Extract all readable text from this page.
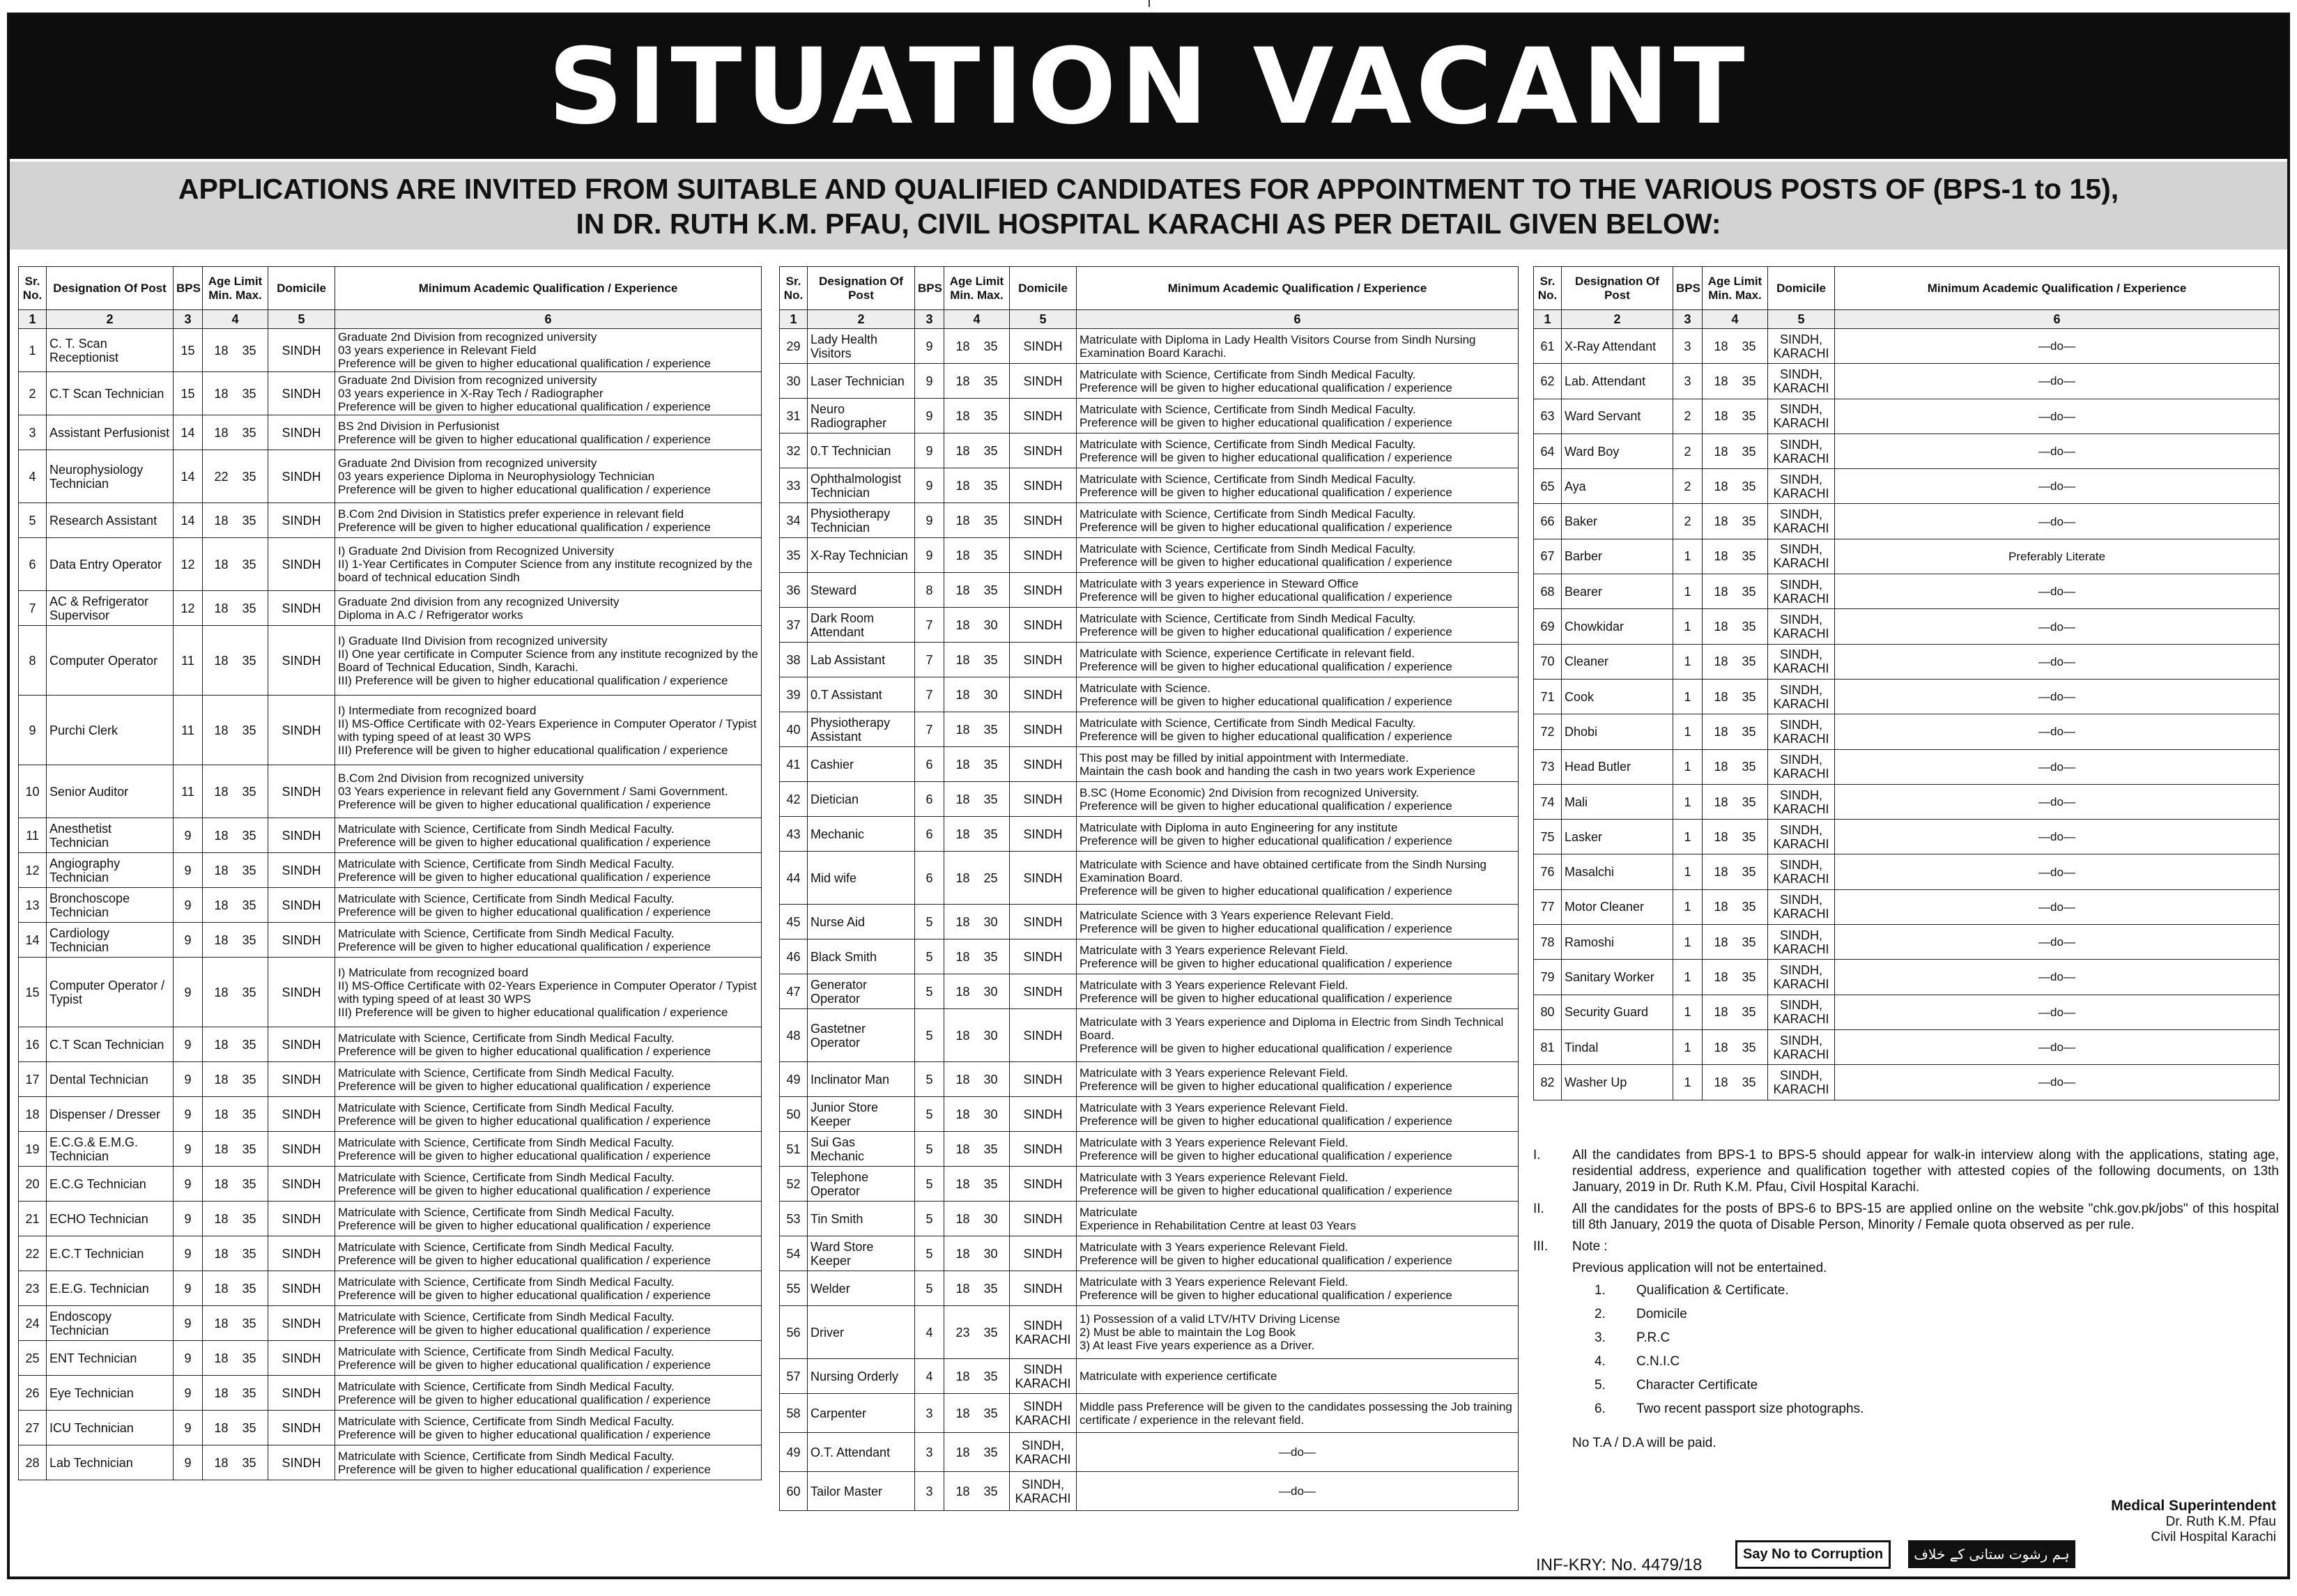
SITUATION VACANT
APPLICATIONS ARE INVITED FROM SUITABLE AND QUALIFIED CANDIDATES FOR APPOINTMENT TO THE VARIOUS POSTS OF (BPS-1 to 15),
IN DR. RUTH K.M. PFAU, CIVIL HOSPITAL KARACHI AS PER DETAIL GIVEN BELOW:
Sr. No.	Designation Of Post	BPS	Age Limit
Min. Max.	Domicile	Minimum Academic Qualification / Experience
1	2	3	4	5	6
1	C. T. Scan Receptionist	15	18    35	SINDH	Graduate 2nd Division from recognized university
03 years experience in Relevant Field
Preference will be given to higher educational qualification / experience
2	C.T Scan Technician	15	18    35	SINDH	Graduate 2nd Division from recognized university
03 years experience in X-Ray Tech / Radiographer
Preference will be given to higher educational qualification / experience
3	Assistant Perfusionist	14	18    35	SINDH	BS 2nd Division in Perfusionist
Preference will be given to higher educational qualification / experience
4	Neurophysiology Technician	14	22    35	SINDH	Graduate 2nd Division from recognized university
03 years experience Diploma in Neurophysiology Technician
Preference will be given to higher educational qualification / experience
5	Research Assistant	14	18    35	SINDH	B.Com 2nd Division in Statistics prefer experience in relevant field
Preference will be given to higher educational qualification / experience
6	Data Entry Operator	12	18    35	SINDH	I) Graduate 2nd Division from Recognized University
II) 1-Year Certificates in Computer Science from any institute recognized by the board of technical education Sindh
7	AC & Refrigerator Supervisor	12	18    35	SINDH	Graduate 2nd division from any recognized University
Diploma in A.C / Refrigerator works
8	Computer Operator	11	18    35	SINDH	I) Graduate IInd Division from recognized university
II) One year certificate in Computer Science from any institute recognized by the Board of Technical Education, Sindh, Karachi.
III) Preference will be given to higher educational qualification / experience
9	Purchi Clerk	11	18    35	SINDH	I) Intermediate from recognized board
II) MS-Office Certificate with 02-Years Experience in Computer Operator / Typist with typing speed of at least 30 WPS
III) Preference will be given to higher educational qualification / experience
10	Senior Auditor	11	18    35	SINDH	B.Com 2nd Division from recognized university
03 Years experience in relevant field any Government / Sami Government.
Preference will be given to higher educational qualification / experience
11	Anesthetist Technician	9	18    35	SINDH	Matriculate with Science, Certificate from Sindh Medical Faculty.
Preference will be given to higher educational qualification / experience
12	Angiography Technician	9	18    35	SINDH	Matriculate with Science, Certificate from Sindh Medical Faculty.
Preference will be given to higher educational qualification / experience
13	Bronchoscope Technician	9	18    35	SINDH	Matriculate with Science, Certificate from Sindh Medical Faculty.
Preference will be given to higher educational qualification / experience
14	Cardiology Technician	9	18    35	SINDH	Matriculate with Science, Certificate from Sindh Medical Faculty.
Preference will be given to higher educational qualification / experience
15	Computer Operator / Typist	9	18    35	SINDH	I) Matriculate from recognized board
II) MS-Office Certificate with 02-Years Experience in Computer Operator / Typist with typing speed of at least 30 WPS
III) Preference will be given to higher educational qualification / experience
16	C.T Scan Technician	9	18    35	SINDH	Matriculate with Science, Certificate from Sindh Medical Faculty.
Preference will be given to higher educational qualification / experience
17	Dental Technician	9	18    35	SINDH	Matriculate with Science, Certificate from Sindh Medical Faculty.
Preference will be given to higher educational qualification / experience
18	Dispenser / Dresser	9	18    35	SINDH	Matriculate with Science, Certificate from Sindh Medical Faculty.
Preference will be given to higher educational qualification / experience
19	E.C.G.& E.M.G. Technician	9	18    35	SINDH	Matriculate with Science, Certificate from Sindh Medical Faculty.
Preference will be given to higher educational qualification / experience
20	E.C.G Technician	9	18    35	SINDH	Matriculate with Science, Certificate from Sindh Medical Faculty.
Preference will be given to higher educational qualification / experience
21	ECHO Technician	9	18    35	SINDH	Matriculate with Science, Certificate from Sindh Medical Faculty.
Preference will be given to higher educational qualification / experience
22	E.C.T Technician	9	18    35	SINDH	Matriculate with Science, Certificate from Sindh Medical Faculty.
Preference will be given to higher educational qualification / experience
23	E.E.G. Technician	9	18    35	SINDH	Matriculate with Science, Certificate from Sindh Medical Faculty.
Preference will be given to higher educational qualification / experience
24	Endoscopy Technician	9	18    35	SINDH	Matriculate with Science, Certificate from Sindh Medical Faculty.
Preference will be given to higher educational qualification / experience
25	ENT Technician	9	18    35	SINDH	Matriculate with Science, Certificate from Sindh Medical Faculty.
Preference will be given to higher educational qualification / experience
26	Eye Technician	9	18    35	SINDH	Matriculate with Science, Certificate from Sindh Medical Faculty.
Preference will be given to higher educational qualification / experience
27	ICU Technician	9	18    35	SINDH	Matriculate with Science, Certificate from Sindh Medical Faculty.
Preference will be given to higher educational qualification / experience
28	Lab Technician	9	18    35	SINDH	Matriculate with Science, Certificate from Sindh Medical Faculty.
Preference will be given to higher educational qualification / experience
Sr. No.	Designation Of Post	BPS	Age Limit
Min. Max.	Domicile	Minimum Academic Qualification / Experience
1	2	3	4	5	6
29	Lady Health Visitors	9	18    35	SINDH	Matriculate with Diploma in Lady Health Visitors Course from Sindh Nursing Examination Board Karachi.
30	Laser Technician	9	18    35	SINDH	Matriculate with Science, Certificate from Sindh Medical Faculty.
Preference will be given to higher educational qualification / experience
31	Neuro Radiographer	9	18    35	SINDH	Matriculate with Science, Certificate from Sindh Medical Faculty.
Preference will be given to higher educational qualification / experience
32	0.T Technician	9	18    35	SINDH	Matriculate with Science, Certificate from Sindh Medical Faculty.
Preference will be given to higher educational qualification / experience
33	Ophthalmologist Technician	9	18    35	SINDH	Matriculate with Science, Certificate from Sindh Medical Faculty.
Preference will be given to higher educational qualification / experience
34	Physiotherapy Technician	9	18    35	SINDH	Matriculate with Science, Certificate from Sindh Medical Faculty.
Preference will be given to higher educational qualification / experience
35	X-Ray Technician	9	18    35	SINDH	Matriculate with Science, Certificate from Sindh Medical Faculty.
Preference will be given to higher educational qualification / experience
36	Steward	8	18    35	SINDH	Matriculate with 3 years experience in Steward Office
Preference will be given to higher educational qualification / experience
37	Dark Room Attendant	7	18    30	SINDH	Matriculate with Science, Certificate from Sindh Medical Faculty.
Preference will be given to higher educational qualification / experience
38	Lab Assistant	7	18    35	SINDH	Matriculate with Science, experience Certificate in relevant field.
Preference will be given to higher educational qualification / experience
39	0.T Assistant	7	18    30	SINDH	Matriculate with Science.
Preference will be given to higher educational qualification / experience
40	Physiotherapy Assistant	7	18    35	SINDH	Matriculate with Science, Certificate from Sindh Medical Faculty.
Preference will be given to higher educational qualification / experience
41	Cashier	6	18    35	SINDH	This post may be filled by initial appointment with Intermediate.
Maintain the cash book and handing the cash in two years work Experience
42	Dietician	6	18    35	SINDH	B.SC (Home Economic) 2nd Division from recognized University.
Preference will be given to higher educational qualification / experience
43	Mechanic	6	18    35	SINDH	Matriculate with Diploma in auto Engineering for any institute
Preference will be given to higher educational qualification / experience
44	Mid wife	6	18    25	SINDH	Matriculate with Science and have obtained certificate from the Sindh Nursing Examination Board.
Preference will be given to higher educational qualification / experience
45	Nurse Aid	5	18    30	SINDH	Matriculate Science with 3 Years experience Relevant Field.
Preference will be given to higher educational qualification / experience
46	Black Smith	5	18    35	SINDH	Matriculate with 3 Years experience Relevant Field.
Preference will be given to higher educational qualification / experience
47	Generator Operator	5	18    30	SINDH	Matriculate with 3 Years experience Relevant Field.
Preference will be given to higher educational qualification / experience
48	Gastetner Operator	5	18    30	SINDH	Matriculate with 3 Years experience and Diploma in Electric from Sindh Technical Board.
Preference will be given to higher educational qualification / experience
49	Inclinator Man	5	18    30	SINDH	Matriculate with 3 Years experience Relevant Field.
Preference will be given to higher educational qualification / experience
50	Junior Store Keeper	5	18    30	SINDH	Matriculate with 3 Years experience Relevant Field.
Preference will be given to higher educational qualification / experience
51	Sui Gas Mechanic	5	18    35	SINDH	Matriculate with 3 Years experience Relevant Field.
Preference will be given to higher educational qualification / experience
52	Telephone Operator	5	18    35	SINDH	Matriculate with 3 Years experience Relevant Field.
Preference will be given to higher educational qualification / experience
53	Tin Smith	5	18    30	SINDH	Matriculate
Experience in Rehabilitation Centre at least 03 Years
54	Ward Store Keeper	5	18    30	SINDH	Matriculate with 3 Years experience Relevant Field.
Preference will be given to higher educational qualification / experience
55	Welder	5	18    35	SINDH	Matriculate with 3 Years experience Relevant Field.
Preference will be given to higher educational qualification / experience
56	Driver	4	23    35	SINDH KARACHI	1) Possession of a valid LTV/HTV Driving License
2) Must be able to maintain the Log Book
3) At least Five years experience as a Driver.
57	Nursing Orderly	4	18    35	SINDH KARACHI	Matriculate with experience certificate
58	Carpenter	3	18    35	SINDH KARACHI	Middle pass Preference will be given to the candidates possessing the Job training certificate / experience in the relevant field.
49	O.T. Attendant	3	18    35	SINDH, KARACHI	—do—
60	Tailor Master	3	18    35	SINDH, KARACHI	—do—
Sr. No.	Designation Of Post	BPS	Age Limit
Min. Max.	Domicile	Minimum Academic Qualification / Experience
1	2	3	4	5	6
61	X-Ray Attendant	3	18    35	SINDH, KARACHI	—do—
62	Lab. Attendant	3	18    35	SINDH, KARACHI	—do—
63	Ward Servant	2	18    35	SINDH, KARACHI	—do—
64	Ward Boy	2	18    35	SINDH, KARACHI	—do—
65	Aya	2	18    35	SINDH, KARACHI	—do—
66	Baker	2	18    35	SINDH, KARACHI	—do—
67	Barber	1	18    35	SINDH, KARACHI	Preferably Literate
68	Bearer	1	18    35	SINDH, KARACHI	—do—
69	Chowkidar	1	18    35	SINDH, KARACHI	—do—
70	Cleaner	1	18    35	SINDH, KARACHI	—do—
71	Cook	1	18    35	SINDH, KARACHI	—do—
72	Dhobi	1	18    35	SINDH, KARACHI	—do—
73	Head Butler	1	18    35	SINDH, KARACHI	—do—
74	Mali	1	18    35	SINDH, KARACHI	—do—
75	Lasker	1	18    35	SINDH, KARACHI	—do—
76	Masalchi	1	18    35	SINDH, KARACHI	—do—
77	Motor Cleaner	1	18    35	SINDH, KARACHI	—do—
78	Ramoshi	1	18    35	SINDH, KARACHI	—do—
79	Sanitary Worker	1	18    35	SINDH, KARACHI	—do—
80	Security Guard	1	18    35	SINDH, KARACHI	—do—
81	Tindal	1	18    35	SINDH, KARACHI	—do—
82	Washer Up	1	18    35	SINDH, KARACHI	—do—
I.	All the candidates from BPS-1 to BPS-5 should appear for walk-in interview along with the applications, stating age, residential address, experience and qualification together with attested copies of the following documents, on 13th January, 2019 in Dr. Ruth K.M. Pfau, Civil Hospital Karachi.
II.	All the candidates for the posts of BPS-6 to BPS-15 are applied online on the website "chk.gov.pk/jobs" of this hospital till 8th January, 2019 the quota of Disable Person, Minority / Female quota observed as per rule.
III.	Note :
Previous application will not be entertained.
1.	Qualification & Certificate.
2.	Domicile
3.	P.R.C
4.	C.N.I.C
5.	Character Certificate
6.	Two recent passport size photographs.
No T.A / D.A will be paid.
Medical Superintendent
Dr. Ruth K.M. Pfau
Civil Hospital Karachi
INF-KRY: No. 4479/18
Say No to Corruption	ہم رشوت ستانی کے خلاف متحد ہیں
